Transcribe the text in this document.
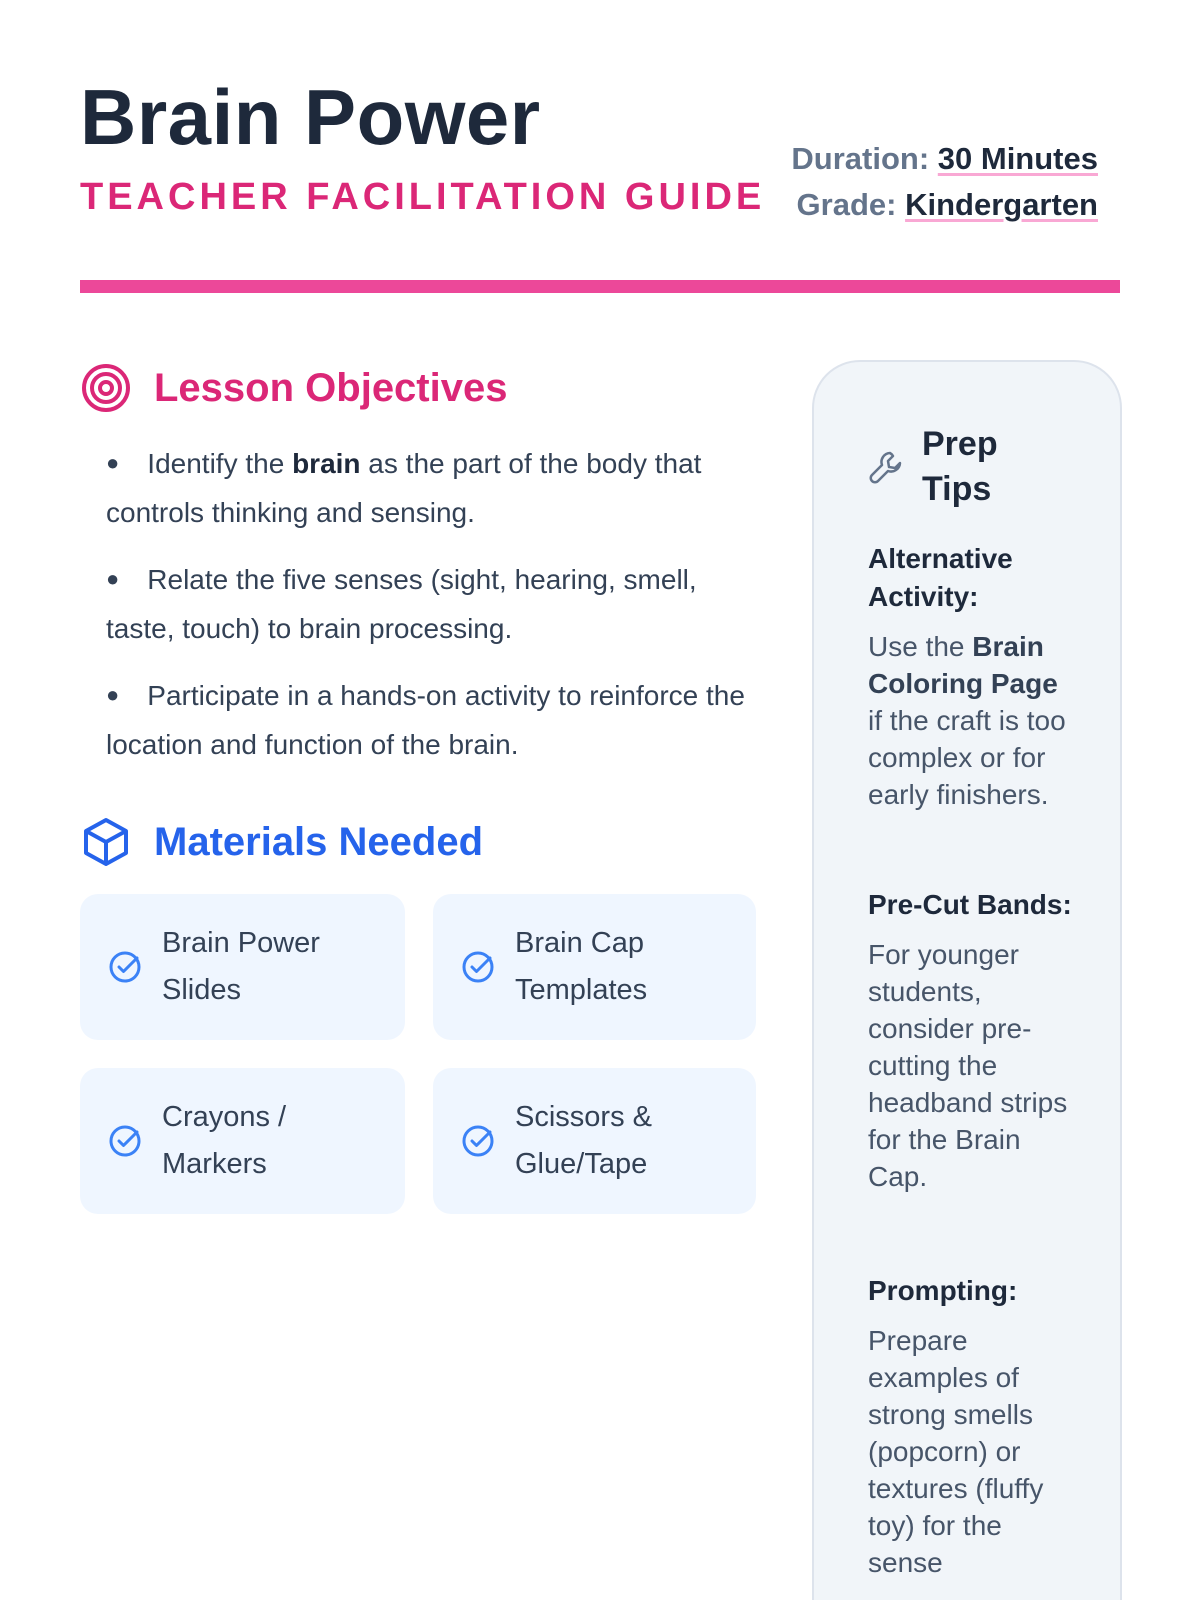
Brain Power
TEACHER FACILITATION GUIDE
Duration: 30 Minutes
Grade: Kindergarten
Lesson Objectives
● Identify the brain as the part of the body that controls thinking and sensing.
● Relate the five senses (sight, hearing, smell, taste, touch) to brain processing.
● Participate in a hands-on activity to reinforce the location and function of the brain.
Materials Needed
Brain Power Slides
Brain Cap Templates
Crayons / Markers
Scissors & Glue/Tape
Prep Tips
Alternative Activity:

Use the Brain Coloring Page if the craft is too complex or for early finishers.

Pre-Cut Bands:

For younger students, consider pre-cutting the headband strips for the Brain Cap.

Prompting:

Prepare examples of strong smells (popcorn) or textures (fluffy toy) for the sense
